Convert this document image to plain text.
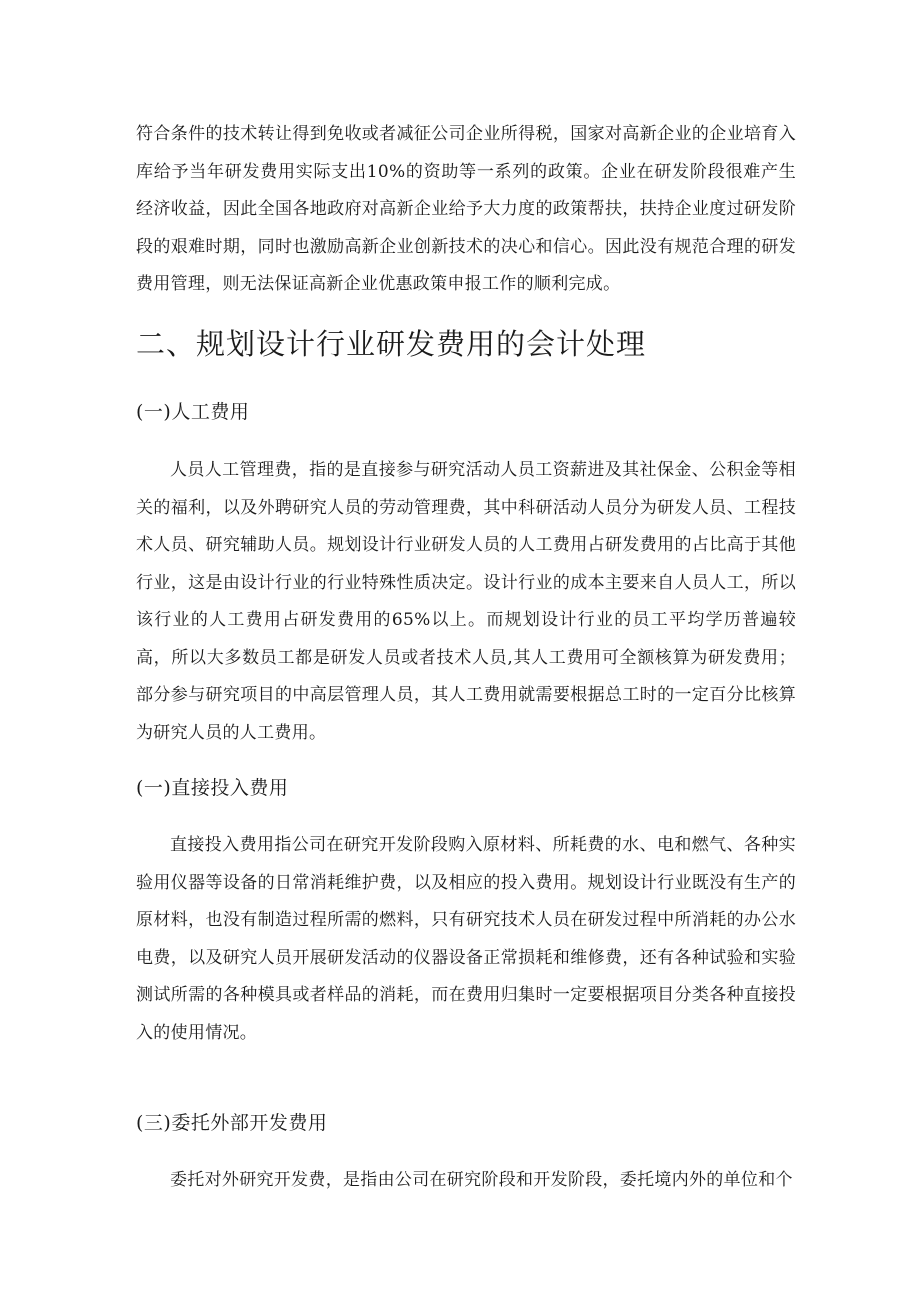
符合条件的技术转让得到免收或者减征公司企业所得税，国家对高新企业的企业培育入库给予当年研发费用实际支出10%的资助等一系列的政策。企业在研发阶段很难产生经济收益，因此全国各地政府对高新企业给予大力度的政策帮扶，扶持企业度过研发阶段的艰难时期，同时也激励高新企业创新技术的决心和信心。因此没有规范合理的研发费用管理，则无法保证高新企业优惠政策申报工作的顺利完成。

二、规划设计行业研发费用的会计处理
(一)人工费用

人员人工管理费，指的是直接参与研究活动人员工资薪进及其社保金、公积金等相关的福利，以及外聘研究人员的劳动管理费，其中科研活动人员分为研发人员、工程技术人员、研究辅助人员。规划设计行业研发人员的人工费用占研发费用的占比高于其他行业，这是由设计行业的行业特殊性质决定。设计行业的成本主要来自人员人工，所以该行业的人工费用占研发费用的65%以上。而规划设计行业的员工平均学历普遍较高，所以大多数员工都是研发人员或者技术人员,其人工费用可全额核算为研发费用；部分参与研究项目的中高层管理人员，其人工费用就需要根据总工时的一定百分比核算为研究人员的人工费用。

(一)直接投入费用

直接投入费用指公司在研究开发阶段购入原材料、所耗费的水、电和燃气、各种实验用仪器等设备的日常消耗维护费，以及相应的投入费用。规划设计行业既没有生产的原材料，也没有制造过程所需的燃料，只有研究技术人员在研发过程中所消耗的办公水电费，以及研究人员开展研发活动的仪器设备正常损耗和维修费，还有各种试验和实验测试所需的各种模具或者样品的消耗，而在费用归集时一定要根据项目分类各种直接投入的使用情况。

(三)委托外部开发费用

委托对外研究开发费，是指由公司在研究阶段和开发阶段，委托境内外的单位和个
